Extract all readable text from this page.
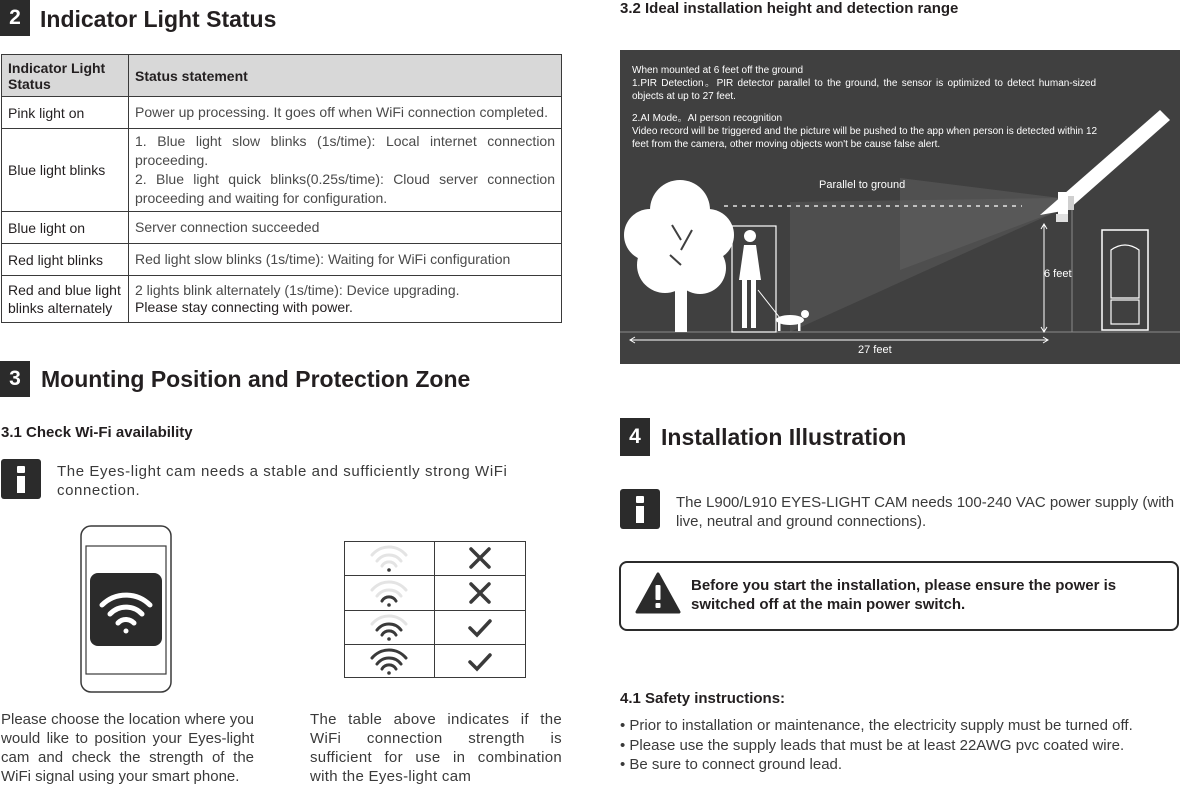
2 Indicator Light Status
Indicator Light Status	Status statement
Pink light on	Power up processing. It goes off when WiFi connection completed.

Blue light blinks	1. Blue light slow blinks (1s/time): Local internet connection proceeding.
2. Blue light quick blinks(0.25s/time): Cloud server connection proceeding and waiting for configuration.

Blue light on	Server connection succeeded

Red light blinks	Red light slow blinks (1s/time): Waiting for WiFi configuration

Red and blue light blinks alternately	2 lights blink alternately (1s/time): Device upgrading.
Please stay connecting with power.
3 Mounting Position and Protection Zone
3.1 Check Wi-Fi availability
The Eyes-light cam needs a stable and sufficiently strong WiFi connection.
Please choose the location where you would like to position your Eyes-light cam and check the strength of the WiFi signal using your smart phone.
The table above indicates if the WiFi connection strength is sufficient for use in combination with the Eyes-light cam
3.2 Ideal installation height and detection range
When mounted at 6 feet off the ground
1.PIR Detection。PIR detector parallel to the ground, the sensor is optimized to detect human-sized objects at up to 27 feet.
2.AI Mode。AI person recognition
Video record will be triggered and the picture will be pushed to the app when person is detected within 12 feet from the camera, other moving objects won't be cause false alert.
Parallel to ground
6 feet
27 feet
4 Installation Illustration
The L900/L910 EYES-LIGHT CAM needs 100-240 VAC power supply (with live, neutral and ground connections).
Before you start the installation, please ensure the power is switched off at the main power switch.
4.1 Safety instructions:
• Prior to installation or maintenance, the electricity supply must be turned off.
• Please use the supply leads that must be at least 22AWG pvc coated wire.
• Be sure to connect ground lead.
